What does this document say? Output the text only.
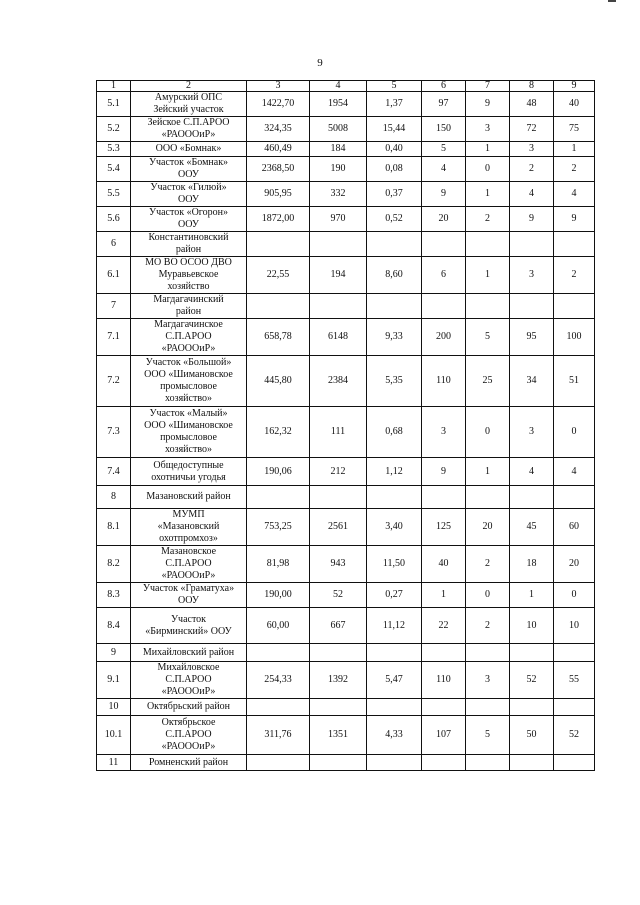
9
1	2	3	4	5	6	7	8	9
5.1	Амурский ОПС
Зейский участок	1422,70	1954	1,37	97	9	48	40
5.2	Зейское С.П.АРОО
«РАОООиР»	324,35	5008	15,44	150	3	72	75
5.3	ООО «Бомнак»	460,49	184	0,40	5	1	3	1
5.4	Участок «Бомнак»
ООУ	2368,50	190	0,08	4	0	2	2
5.5	Участок «Гилюй»
ООУ	905,95	332	0,37	9	1	4	4
5.6	Участок «Огорон»
ООУ	1872,00	970	0,52	20	2	9	9
6	Константиновский
район							
6.1	МО ВО ОСОО ДВО
Муравьевское
хозяйство	22,55	194	8,60	6	1	3	2
7	Магдагачинский
район							
7.1	Магдагачинское
С.П.АРОО
«РАОООиР»	658,78	6148	9,33	200	5	95	100
7.2	Участок «Большой»
ООО «Шимановское
промысловое
хозяйство»	445,80	2384	5,35	110	25	34	51
7.3	Участок «Малый»
ООО «Шимановское
промысловое
хозяйство»	162,32	111	0,68	3	0	3	0
7.4	Общедоступные
охотничьи угодья	190,06	212	1,12	9	1	4	4
8	Мазановский район							
8.1	МУМП
«Мазановский
охотпромхоз»	753,25	2561	3,40	125	20	45	60
8.2	Мазановское
С.П.АРОО
«РАОООиР»	81,98	943	11,50	40	2	18	20
8.3	Участок «Граматуха»
ООУ	190,00	52	0,27	1	0	1	0
8.4	Участок
«Бирминский» ООУ	60,00	667	11,12	22	2	10	10
9	Михайловский район							
9.1	Михайловское
С.П.АРОО
«РАОООиР»	254,33	1392	5,47	110	3	52	55
10	Октябрьский район							
10.1	Октябрьское
С.П.АРОО
«РАОООиР»	311,76	1351	4,33	107	5	50	52
11	Ромненский район							
